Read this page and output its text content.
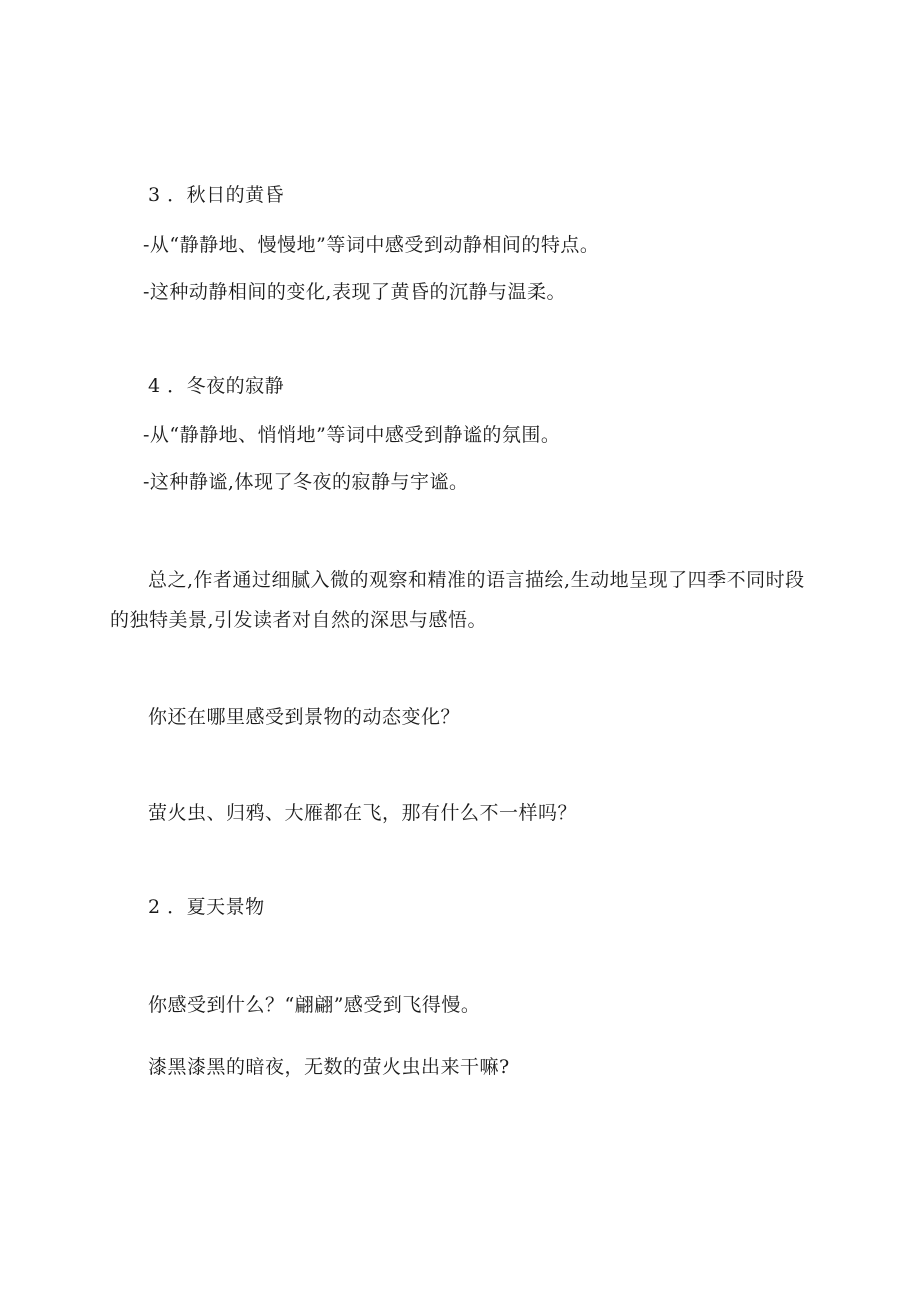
3 ．秋日的黄昏
-从“静静地、慢慢地”等词中感受到动静相间的特点。
-这种动静相间的变化,表现了黄昏的沉静与温柔。
4 ．冬夜的寂静
-从“静静地、悄悄地”等词中感受到静谧的氛围。
-这种静谧,体现了冬夜的寂静与宇谧。
总之,作者通过细腻入微的观察和精准的语言描绘,生动地呈现了四季不同时段的独特美景,引发读者对自然的深思与感悟。
你还在哪里感受到景物的动态变化？
萤火虫、归鸦、大雁都在飞，那有什么不一样吗？
2 ．夏天景物
你感受到什么？“翩翩”感受到飞得慢。
漆黑漆黑的暗夜，无数的萤火虫出来干嘛?
